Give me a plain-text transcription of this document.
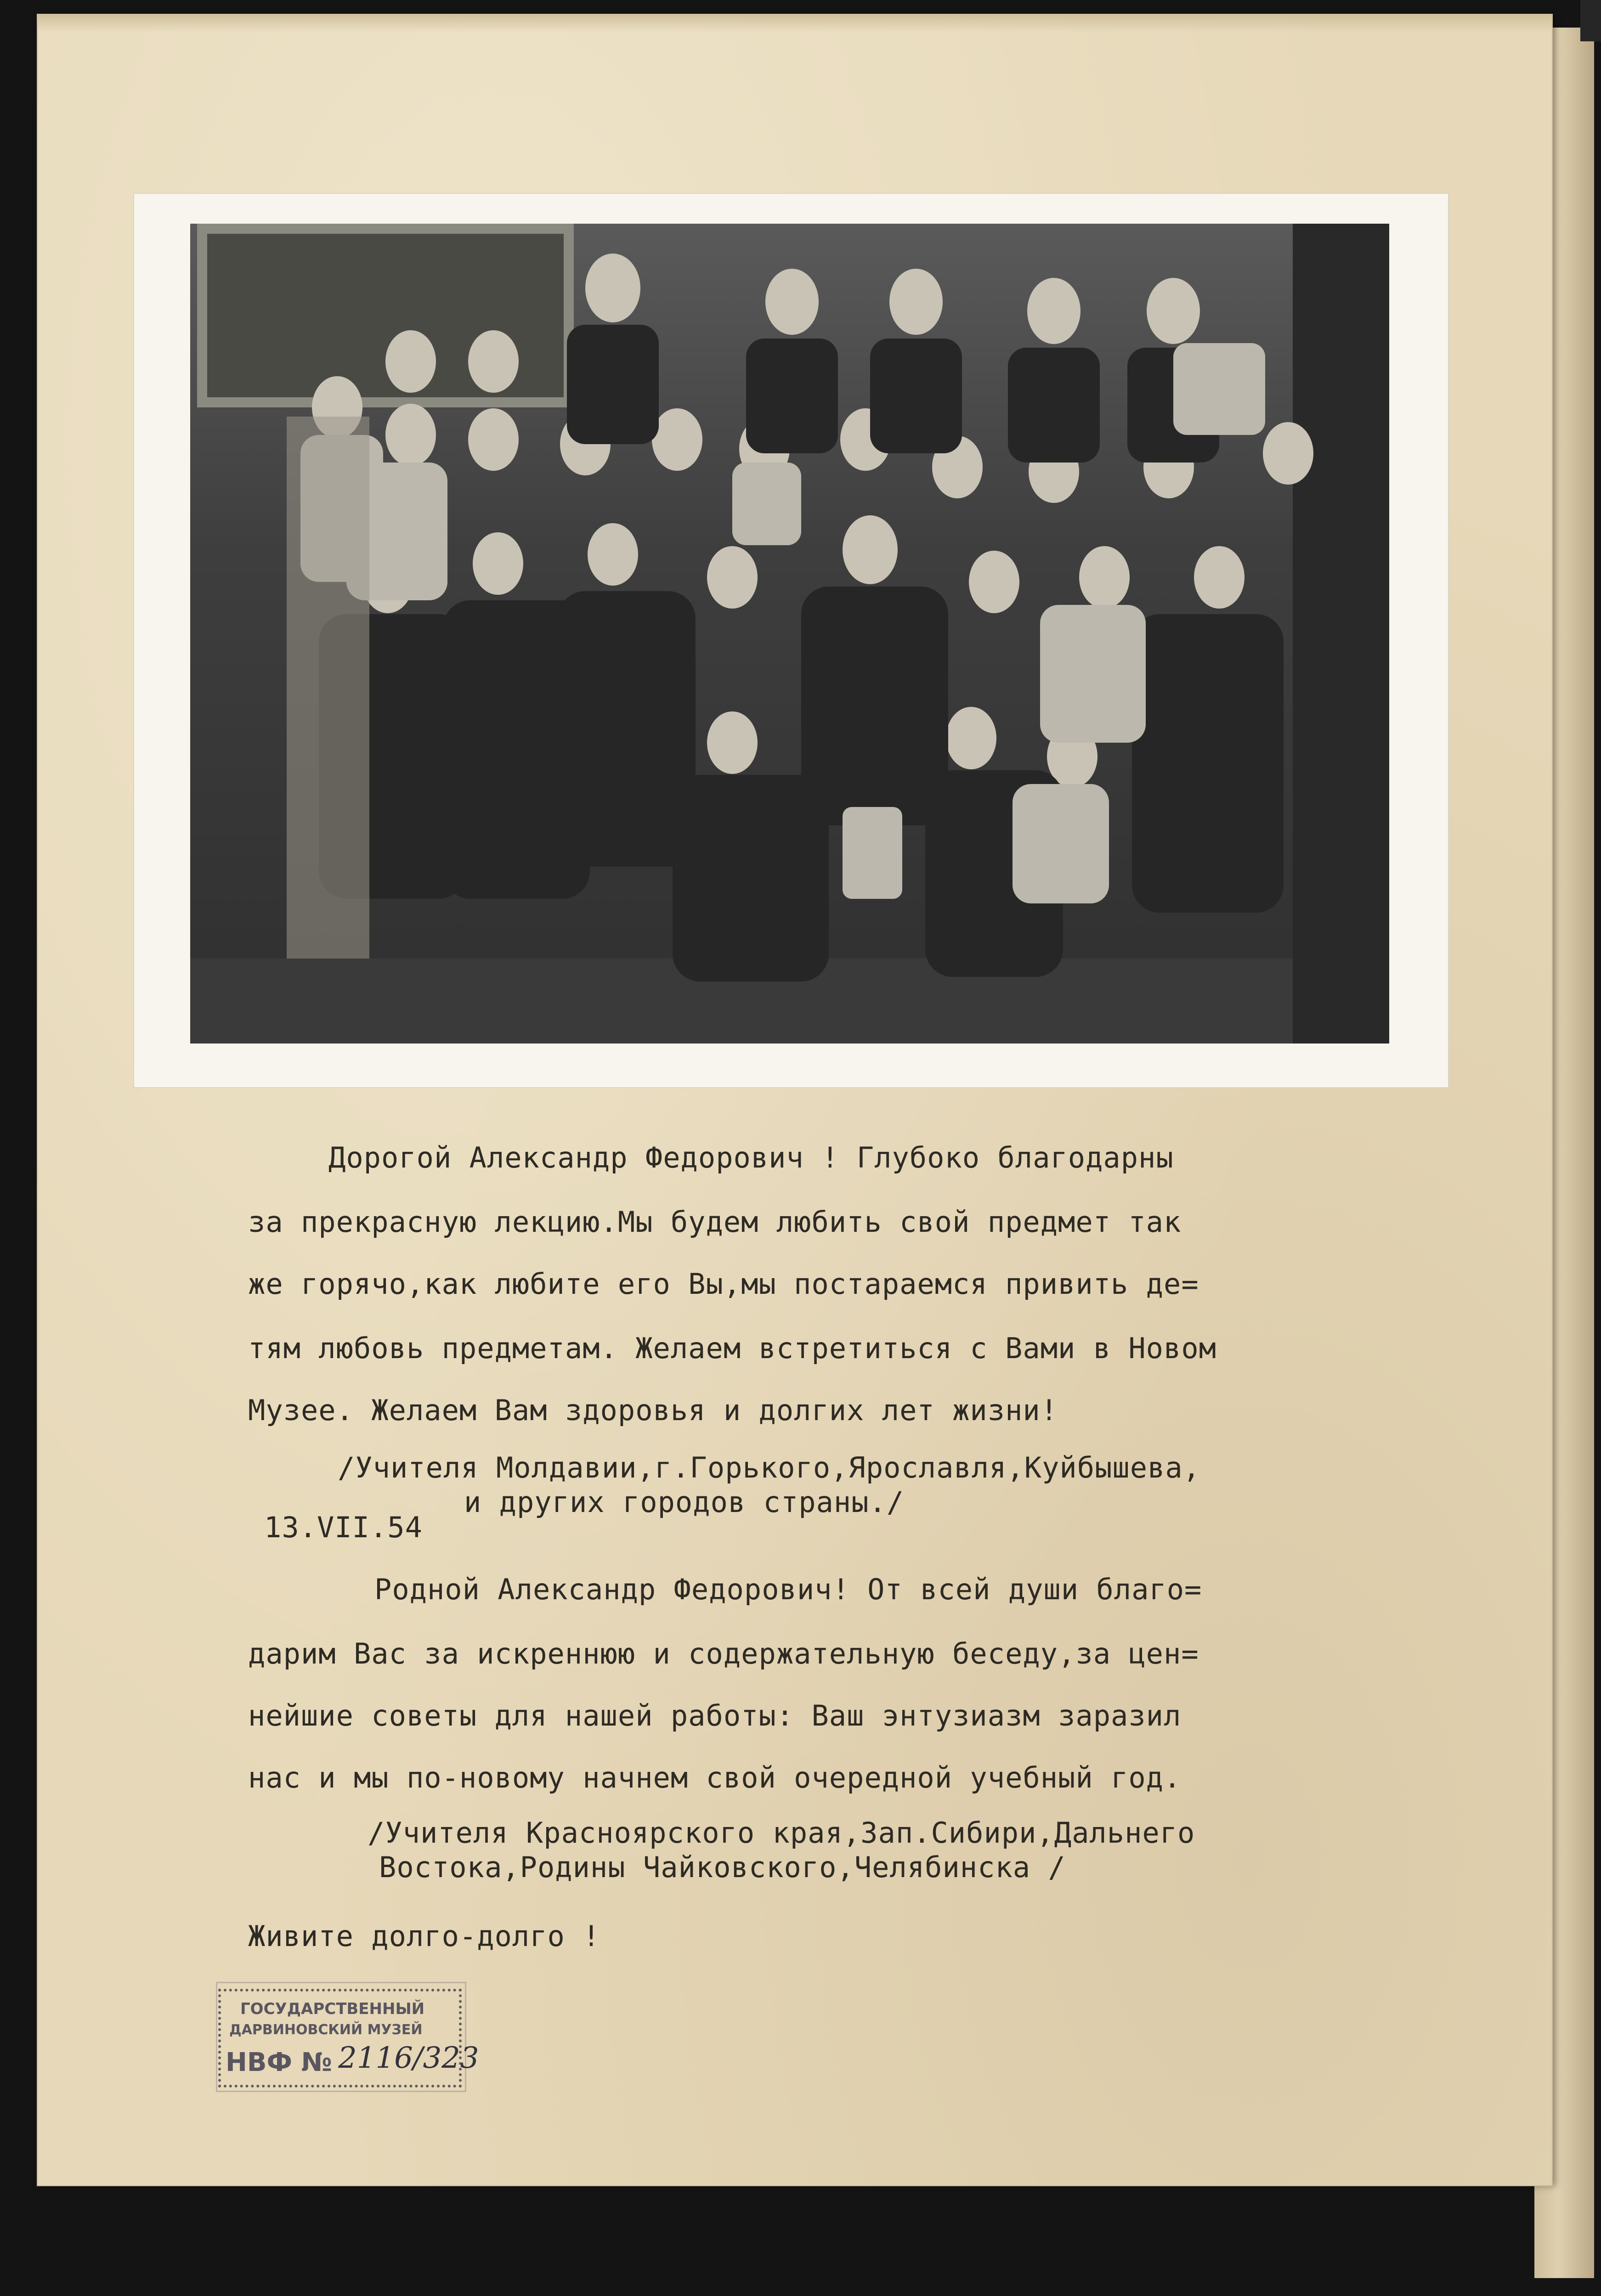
Дорогой Александр Федорович ! Глубоко благодарны
за прекрасную лекцию.Мы будем любить свой предмет так
же горячо,как любите его Вы,мы постараемся привить де=
тям любовь предметам. Желаем встретиться с Вами в Новом
Музее. Желаем Вам здоровья и долгих лет жизни!
/Учителя Молдавии,г.Горького,Ярославля,Куйбышева,
и других городов страны./
13.VII.54
Родной Александр Федорович! От всей души благо=
дарим Вас за искреннюю и содержательную беседу,за цен=
нейшие советы для нашей работы: Ваш энтузиазм заразил
нас и мы по-новому начнем свой очередной учебный год.
/Учителя Красноярского края,Зап.Сибири,Дальнего
Востока,Родины Чайковского,Челябинска /
Живите долго-долго !
ГОСУДАРСТВЕННЫЙ
ДАРВИНОВСКИЙ МУЗЕЙ
НВФ № 2116/323
